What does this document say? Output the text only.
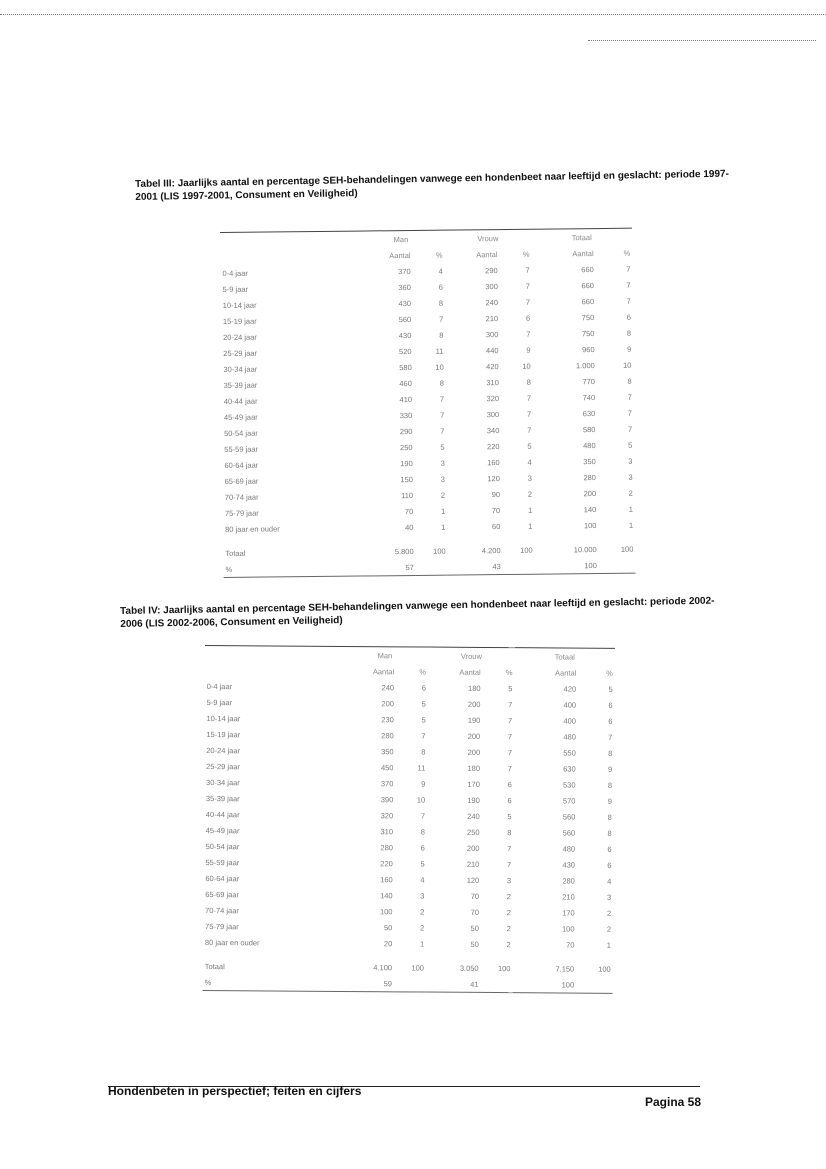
Tabel III: Jaarlijks aantal en percentage SEH-behandelingen vanwege een hondenbeet naar leeftijd en geslacht: periode 1997-
2001 (LIS 1997-2001, Consument en Veiligheid)
	Man		Vrouw		Totaal	
	Aantal	%	Aantal	%	Aantal	%
0-4 jaar	370	4	290	7	660	7
5-9 jaar	360	6	300	7	660	7
10-14 jaar	430	8	240	7	660	7
15-19 jaar	560	7	210	6	750	6
20-24 jaar	430	8	300	7	750	8
25-29 jaar	520	11	440	9	960	9
30-34 jaar	580	10	420	10	1.000	10
35-39 jaar	460	8	310	8	770	8
40-44 jaar	410	7	320	7	740	7
45-49 jaar	330	7	300	7	630	7
50-54 jaar	290	7	340	7	580	7
55-59 jaar	250	5	220	5	480	5
60-64 jaar	190	3	160	4	350	3
65-69 jaar	150	3	120	3	280	3
70-74 jaar	110	2	90	2	200	2
75-79 jaar	70	1	70	1	140	1
80 jaar en ouder	40	1	60	1	100	1
Totaal	5.800	100	4.200	100	10.000	100
%	57		43		100	
Tabel IV: Jaarlijks aantal en percentage SEH-behandelingen vanwege een hondenbeet naar leeftijd en geslacht: periode 2002-
2006 (LIS 2002-2006, Consument en Veiligheid)
	Man		Vrouw		Totaal	
	Aantal	%	Aantal	%	Aantal	%
0-4 jaar	240	6	180	5	420	5
5-9 jaar	200	5	200	7	400	6
10-14 jaar	230	5	190	7	400	6
15-19 jaar	280	7	200	7	480	7
20-24 jaar	350	8	200	7	550	8
25-29 jaar	450	11	180	7	630	9
30-34 jaar	370	9	170	6	530	8
35-39 jaar	390	10	190	6	570	9
40-44 jaar	320	7	240	5	560	8
45-49 jaar	310	8	250	8	560	8
50-54 jaar	280	6	200	7	480	6
55-59 jaar	220	5	210	7	430	6
60-64 jaar	160	4	120	3	280	4
65-69 jaar	140	3	70	2	210	3
70-74 jaar	100	2	70	2	170	2
75-79 jaar	50	2	50	2	100	2
80 jaar en ouder	20	1	50	2	70	1
Totaal	4.100	100	3.050	100	7.150	100
%	59		41		100	
Hondenbeten in perspectief; feiten en cijfers
Pagina 58
